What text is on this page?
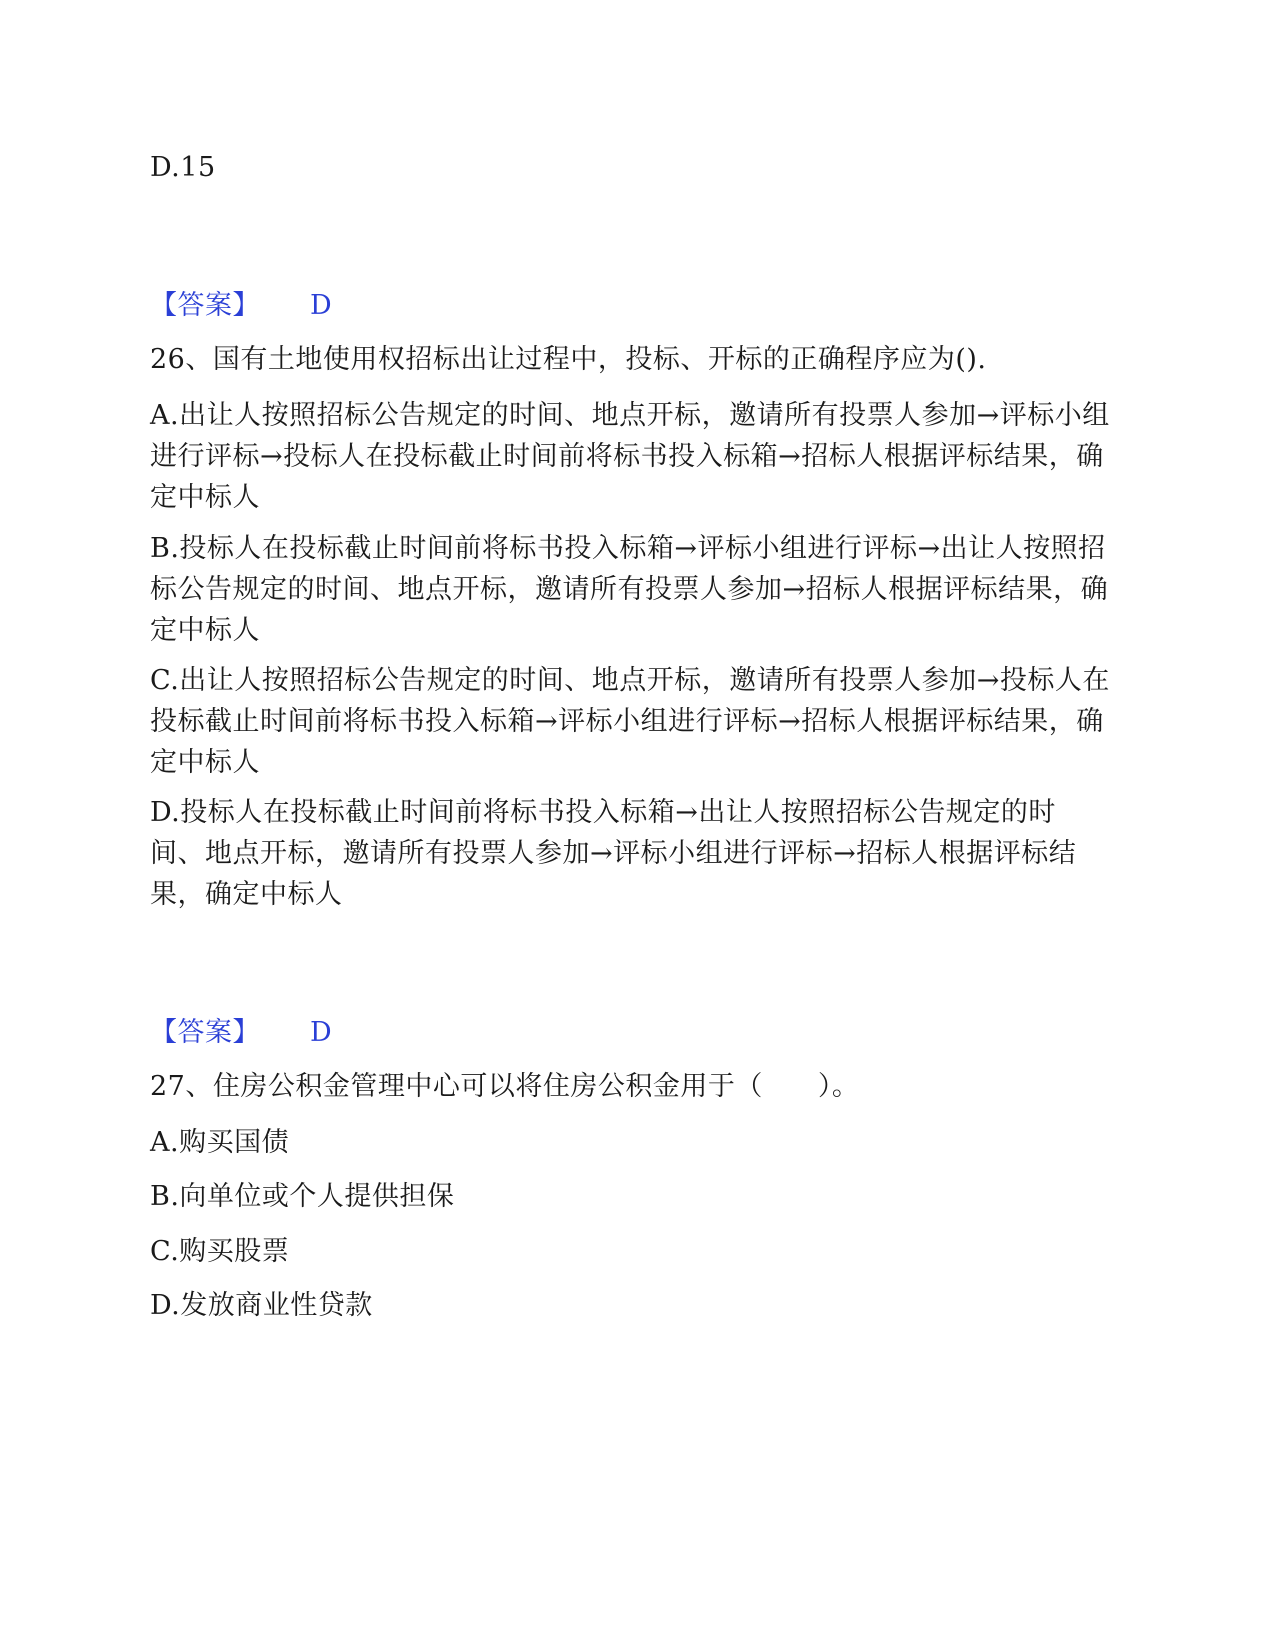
D.15
【答案】 D
26、国有土地使用权招标出让过程中，投标、开标的正确程序应为().
A.出让人按照招标公告规定的时间、地点开标，邀请所有投票人参加→评标小组进行评标→投标人在投标截止时间前将标书投入标箱→招标人根据评标结果，确定中标人
B.投标人在投标截止时间前将标书投入标箱→评标小组进行评标→出让人按照招标公告规定的时间、地点开标，邀请所有投票人参加→招标人根据评标结果，确定中标人
C.出让人按照招标公告规定的时间、地点开标，邀请所有投票人参加→投标人在投标截止时间前将标书投入标箱→评标小组进行评标→招标人根据评标结果，确定中标人
D.投标人在投标截止时间前将标书投入标箱→出让人按照招标公告规定的时间、地点开标，邀请所有投票人参加→评标小组进行评标→招标人根据评标结果，确定中标人
【答案】 D
27、住房公积金管理中心可以将住房公积金用于（　　）。
A.购买国债
B.向单位或个人提供担保
C.购买股票
D.发放商业性贷款
